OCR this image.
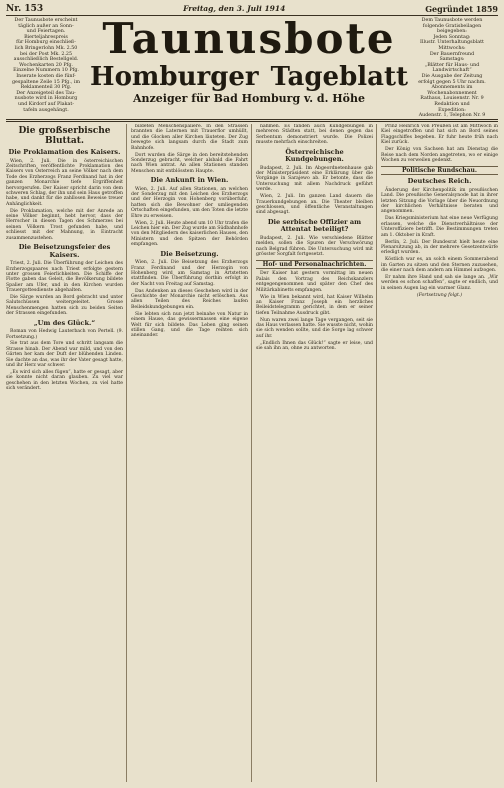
Nr. 153	Freitag, den 3. Juli 1914	Gegründet 1859
Der Taunusbote erscheint
täglich außer an Sonn-
und Feiertagen.
Bierteljahrespreis
für Homburg einschließ-
lich Bringerlohn Mk. 2.50
bei der Post Mk. 2.25
ausschließlich Bestellgeld.
Wochenkarten 20 Pfg.
Einzelne Nummern 10 Pfg.
Inserate kosten die fünf-
gespaltene Zeile 15 Pfg., im
Reklamenteil 30 Pfg.
Der Anzeigeteil des Tau-
nusbote wird in Homburg
und Kirdorf auf Plakat-
tafeln ausgehängt.
Dem Taunusbote werden
folgende Gratisbeilagen
beigegeben:
Jeden Sonntag:
Illustr. Unterhaltungsblatt
Mittwochs:
Der Bauernfreund
Samstags:
„Blätter für Haus- und
Landwirtschaft“
Die Ausgabe der Zeitung
erfolgt gegen 5 Uhr nachm.
Abonnements im
Wochenabonnement
Rathaus, Louisenstr. Nr. 9
Redaktion und
Expedition:
Audenstr. 1, Telephon Nr. 9
Taunusbote
Homburger Tageblatt
Anzeiger für Bad Homburg v. d. Höhe
Die großserbische Bluttat.
Die Proklamation des Kaisers.

Wien, 2. Juli. Die in österreichischen Zeitschriften veröffentlichte Proklamation des Kaisers von Österreich an seine Völker nach dem Tode des Erzherzogs Franz Ferdinand hat in der ganzen Monarchie tiefe Ergriffenheit hervorgerufen. Der Kaiser spricht darin von dem schweren Schlag, der ihn und sein Haus getroffen habe, und dankt für die zahllosen Beweise treuer Anhänglichkeit.

Die Proklamation, welche mit der Anrede an seine Völker beginnt, hebt hervor, dass der Herrscher in diesen Tagen des Schmerzes bei seinen Völkern Trost gefunden habe, und schliesst mit der Mahnung, in Eintracht zusammenzustehen.

Die Beisetzungsfeier des Kaisers.

Triest, 2. Juli. Die Überführung der Leichen des Erzherzogspaares nach Triest erfolgte gestern unter grossen Feierlichkeiten. Die Schiffe der Flotte gaben das Geleit, die Bevölkerung bildete Spalier am Ufer, und in den Kirchen wurden Trauergottesdienste abgehalten.

Die Särge wurden an Bord gebracht und unter Salutschüssen weitergeleitet. Grosse Menschenmengen hatten sich zu beiden Seiten der Strassen eingefunden.

„Um des Glück.“

Roman von Hedwig Lauterbach von Pertell. (9. Fortsetzung.)

Sie trat aus dem Tore und schritt langsam die Strasse hinab. Der Abend war mild, und von den Gärten her kam der Duft der blühenden Linden. Sie dachte an das, was ihr der Vater gesagt hatte, und ihr Herz war schwer.

„Es wird sich alles fügen“, hatte er gesagt, aber sie konnte nicht daran glauben. Zu viel war geschehen in den letzten Wochen, zu viel hatte sich verändert.

bildeten Menschenspaliere. In den Strassen brannten die Laternen mit Trauerflor umhüllt, und die Glocken aller Kirchen läuteten. Der Zug bewegte sich langsam durch die Stadt zum Bahnhofe.

Dort wurden die Särge in den bereitstehenden Sonderzug gebracht, welcher alsbald die Fahrt nach Wien antrat. An allen Stationen standen Menschen mit entblösstem Haupte.

Die Ankunft in Wien.

Wien, 2. Juli. Auf allen Stationen, an welchen der Sonderzug mit den Leichen des Erzherzogs und der Herzogin von Hohenberg vorüberfuhr, hatten sich die Bewohner der umliegenden Ortschaften eingefunden, um den Toten die letzte Ehre zu erweisen.

Wien, 2. Juli. Heute abend um 10 Uhr trafen die Leichen hier ein. Der Zug wurde am Südbahnhofe von den Mitgliedern des kaiserlichen Hauses, den Ministern und den Spitzen der Behörden empfangen.

Die Beisetzung.

Wien, 2. Juli. Die Beisetzung des Erzherzogs Franz Ferdinand und der Herzogin von Hohenberg wird am Samstag in Artstetten stattfinden. Die Überführung dorthin erfolgt in der Nacht von Freitag auf Samstag.

Das Andenken an dieses Geschehen wird in der Geschichte der Monarchie nicht erlöschen. Aus allen Teilen des Reiches laufen Beileidskundgebungen ein.

Sie lebten sich nun jetzt beinahe von Natur in einem Hause, das gewissermassen eine eigene Welt für sich bildete. Das Leben ging seinen stillen Gang, und die Tage reihten sich aneinander.

nahmen. Es fanden auch Kundgebungen in mehreren Städten statt, bei denen gegen das Serbentum demonstriert wurde. Die Polizei musste mehrfach einschreiten.

Österreichische Kundgebungen.

Budapest, 2. Juli. Im Abgeordnetenhause gab der Ministerpräsident eine Erklärung über die Vorgänge in Sarajewo ab. Er betonte, dass die Untersuchung mit allem Nachdruck geführt werde.

Wien, 2. Juli. Im ganzen Land dauern die Trauerkundgebungen an. Die Theater bleiben geschlossen, und öffentliche Veranstaltungen sind abgesagt.

Die serbische Offizier am Attentat beteiligt?

Budapest, 2. Juli. Wie verschiedene Blätter melden, sollen die Spuren der Verschwörung nach Belgrad führen. Die Untersuchung wird mit grösster Sorgfalt fortgesetzt.

Hof- und Personalnachrichten.

Der Kaiser hat gestern vormittag im neuen Palais den Vortrag des Reichskanzlers entgegengenommen und später den Chef des Militärkabinetts empfangen.

Wie in Wien bekannt wird, hat Kaiser Wilhelm an Kaiser Franz Joseph ein herzliches Beileidstelegramm gerichtet, in dem er seiner tiefen Teilnahme Ausdruck gibt.

Nun waren zwei lange Tage vergangen, seit sie das Haus verlassen hatte. Sie wusste nicht, wohin sie sich wenden sollte, und die Sorge lag schwer auf ihr.

„Endlich Ihnen das Glück!“ sagte er leise, und sie sah ihn an, ohne zu antworten.

Prinz Heinrich von Preußen ist am Mittwoch in Kiel eingetroffen und hat sich an Bord seines Flaggschiffes begeben. Er fuhr heute früh nach Kiel zurück.

Der König von Sachsen hat am Dienstag die Reise nach dem Norden angetreten, wo er einige Wochen zu verweilen gedenkt.

Politische Rundschau.
Deutsches Reich.

Änderung der Kirchenpolitik im preußischen Land. Die preußische Generalsynode hat in ihrer letzten Sitzung die Vorlage über die Neuordnung der kirchlichen Verhältnisse beraten und angenommen.

Das Kriegsministerium hat eine neue Verfügung erlassen, welche die Dienstverhältnisse der Unteroffiziere betrifft. Die Bestimmungen treten am 1. Oktober in Kraft.

Berlin, 2. Juli. Der Bundesrat hielt heute eine Plenarsitzung ab, in der mehrere Gesetzentwürfe erledigt wurden.

Köstlich war es, an solch einem Sommerabend im Garten zu sitzen und den Sternen zuzusehen, die einer nach dem andern am Himmel aufzogen.

Er nahm ihre Hand und sah sie lange an. „Wir werden es schon schaffen“, sagte er endlich, und in seinen Augen lag ein warmer Glanz.

(Fortsetzung folgt.)
